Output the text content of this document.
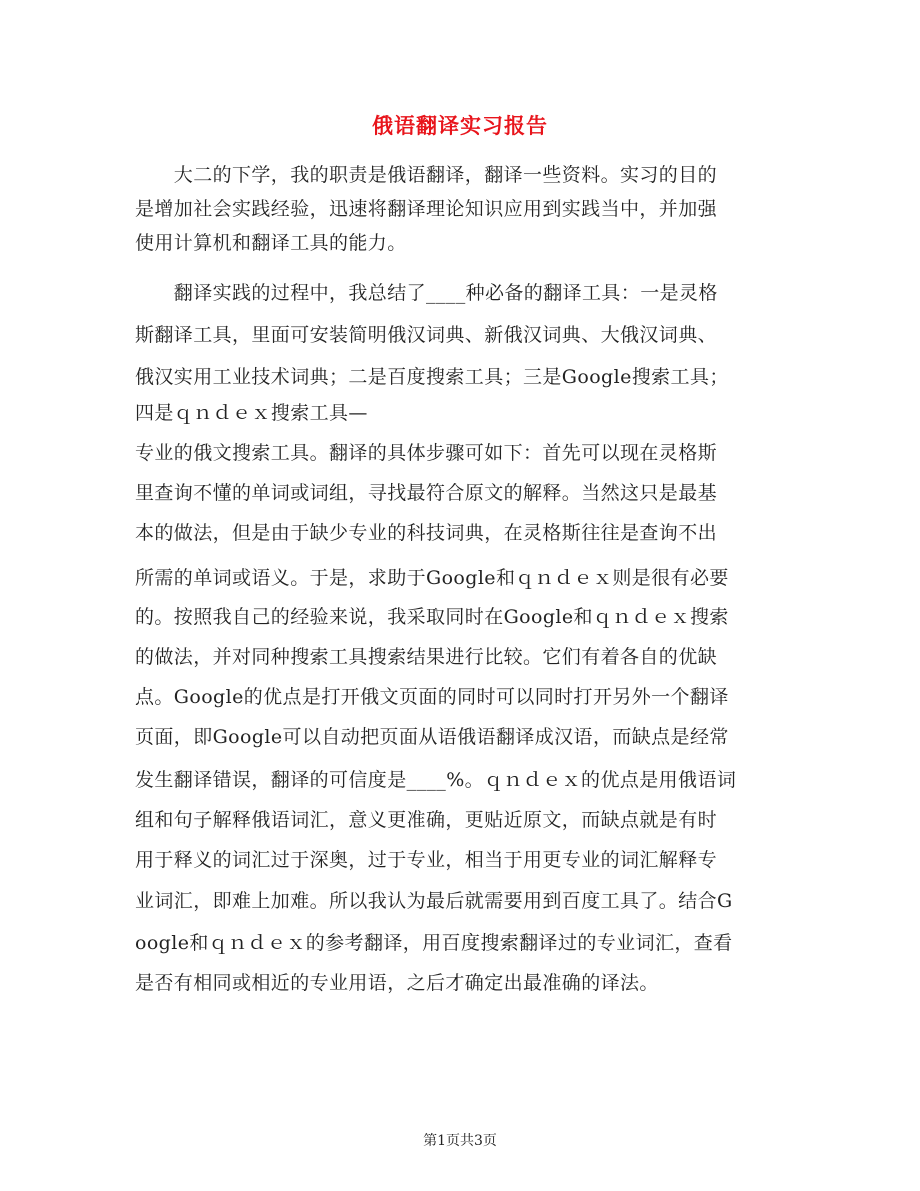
俄语翻译实习报告
　　大二的下学，我的职责是俄语翻译，翻译一些资料。实习的目的
是增加社会实践经验，迅速将翻译理论知识应用到实践当中，并加强
使用计算机和翻译工具的能力。
　　翻译实践的过程中，我总结了____种必备的翻译工具：一是灵格
斯翻译工具，里面可安装简明俄汉词典、新俄汉词典、大俄汉词典、
俄汉实用工业技术词典；二是百度搜索工具；三是Google搜索工具；
四是ｑｎｄｅｘ搜索工具—
专业的俄文搜索工具。翻译的具体步骤可如下：首先可以现在灵格斯
里查询不懂的单词或词组，寻找最符合原文的解释。当然这只是最基
本的做法，但是由于缺少专业的科技词典，在灵格斯往往是查询不出
所需的单词或语义。于是，求助于Google和ｑｎｄｅｘ则是很有必要
的。按照我自己的经验来说，我采取同时在Google和ｑｎｄｅｘ搜索
的做法，并对同种搜索工具搜索结果进行比较。它们有着各自的优缺
点。Google的优点是打开俄文页面的同时可以同时打开另外一个翻译
页面，即Google可以自动把页面从语俄语翻译成汉语，而缺点是经常
发生翻译错误，翻译的可信度是____%。ｑｎｄｅｘ的优点是用俄语词
组和句子解释俄语词汇，意义更准确，更贴近原文，而缺点就是有时
用于释义的词汇过于深奥，过于专业，相当于用更专业的词汇解释专
业词汇，即难上加难。所以我认为最后就需要用到百度工具了。结合G
oogle和ｑｎｄｅｘ的参考翻译，用百度搜索翻译过的专业词汇，查看
是否有相同或相近的专业用语，之后才确定出最准确的译法。
第1页共3页
